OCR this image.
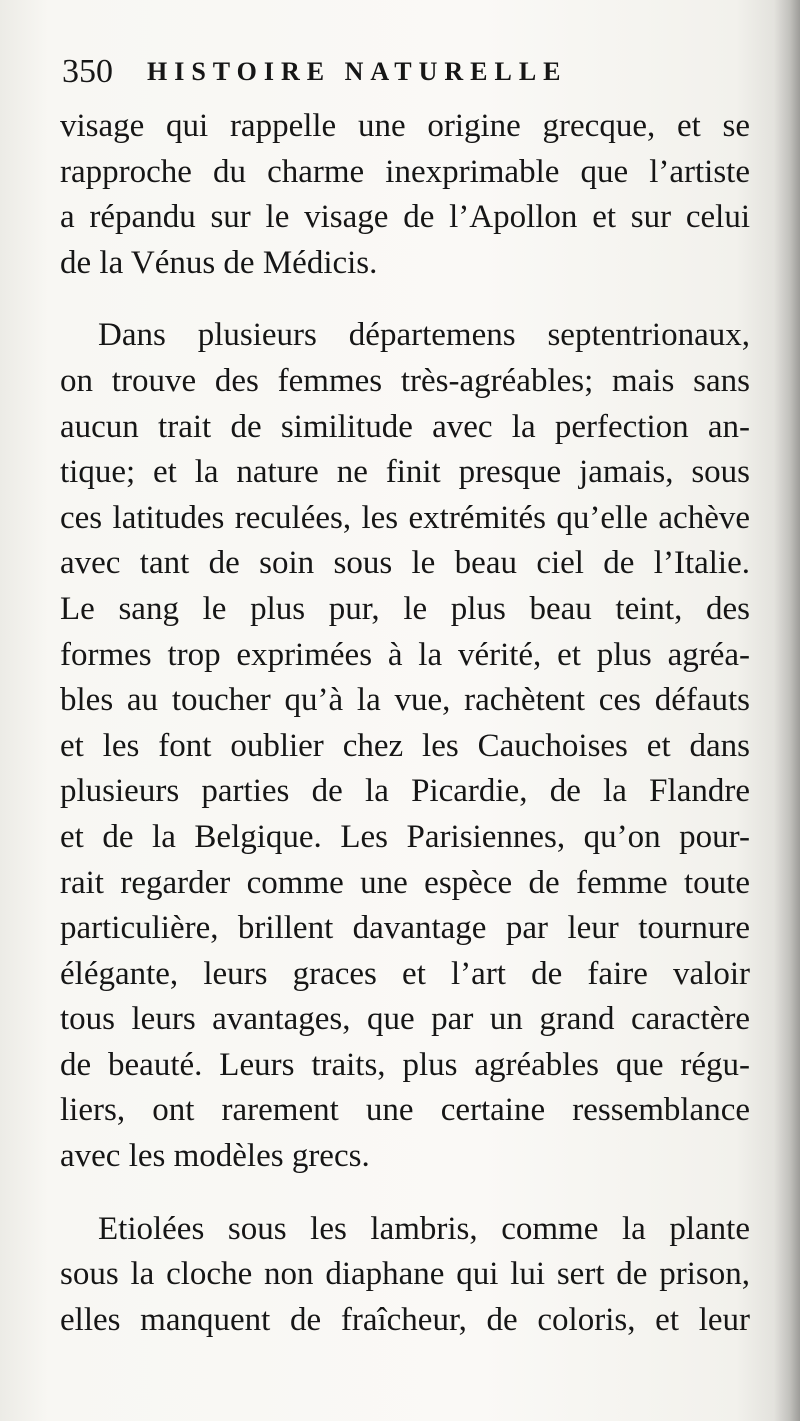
350 HISTOIRE NATURELLE
visage qui rappelle une origine grecque, et se
rapproche du charme inexprimable que l’artiste
a répandu sur le visage de l’Apollon et sur celui
de la Vénus de Médicis.
Dans plusieurs départemens septentrionaux,
on trouve des femmes très-agréables; mais sans
aucun trait de similitude avec la perfection an-
tique; et la nature ne finit presque jamais, sous
ces latitudes reculées, les extrémités qu’elle achève
avec tant de soin sous le beau ciel de l’Italie.
Le sang le plus pur, le plus beau teint, des
formes trop exprimées à la vérité, et plus agréa-
bles au toucher qu’à la vue, rachètent ces défauts
et les font oublier chez les Cauchoises et dans
plusieurs parties de la Picardie, de la Flandre
et de la Belgique. Les Parisiennes, qu’on pour-
rait regarder comme une espèce de femme toute
particulière, brillent davantage par leur tournure
élégante, leurs graces et l’art de faire valoir
tous leurs avantages, que par un grand caractère
de beauté. Leurs traits, plus agréables que régu-
liers, ont rarement une certaine ressemblance
avec les modèles grecs.
Etiolées sous les lambris, comme la plante
sous la cloche non diaphane qui lui sert de prison,
elles manquent de fraîcheur, de coloris, et leur
